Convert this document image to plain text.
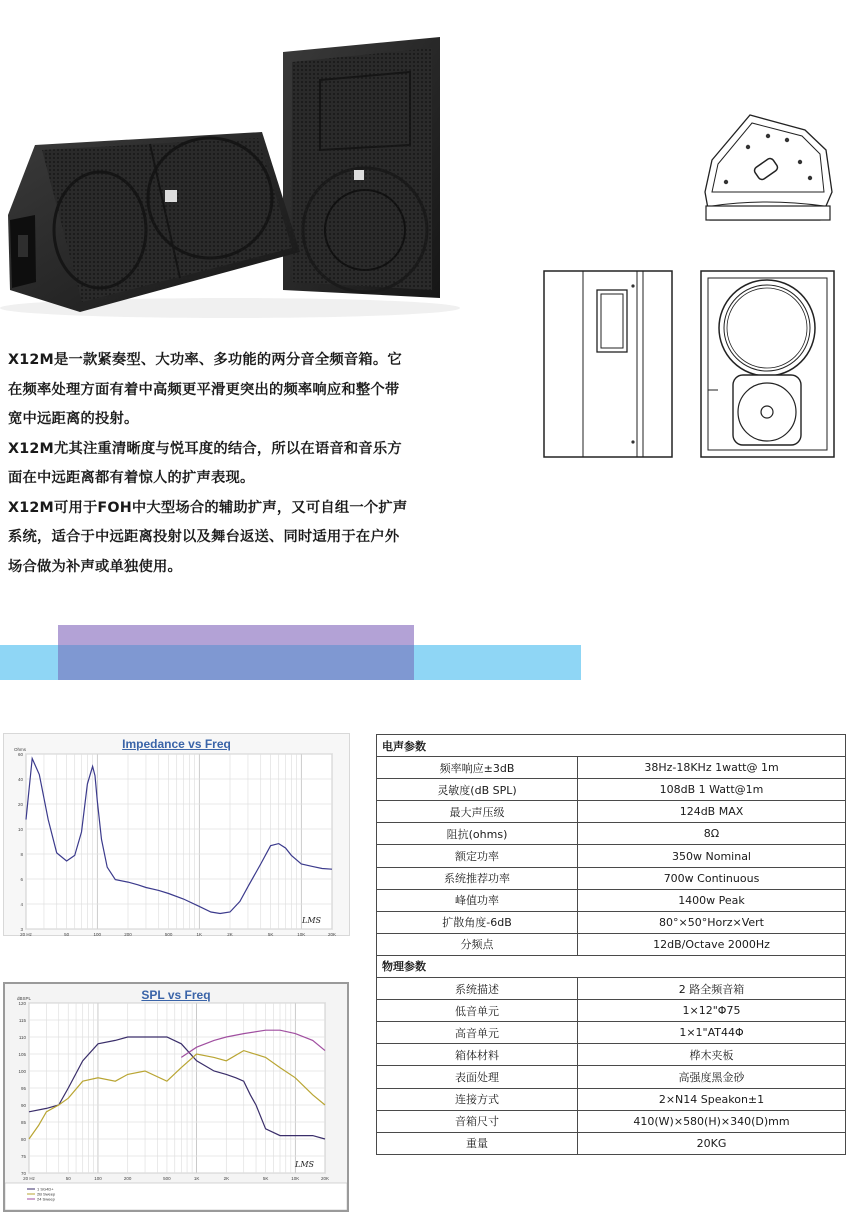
X12M是一款紧奏型、大功率、多功能的两分音全频音箱。它

在频率处理方面有着中高频更平滑更突出的频率响应和整个带

宽中远距离的投射。

X12M尤其注重清晰度与悦耳度的结合，所以在语音和音乐方

面在中远距离都有着惊人的扩声表现。

X12M可用于FOH中大型场合的辅助扩声，又可自组一个扩声

系统，适合于中远距离投射以及舞台返送、同时适用于在户外

场合做为补声或单独使用。

Impedance vs Freq
60
40
20
10
8
6
4
3
20 Hz	50	100	200	500	1K	2K	5K	10K	20K
Ohms
LMS
SPL vs Freq
120
115
110
105
100
95
90
85
80
75
70
20 Hz	50	100	200	500	1K	2K	5K	10K	20K
dBSPL
LMS
1 SG4D+
2B Sweep
24 Sweep
电声参数	
频率响应±3dB	38Hz-18KHz 1watt@ 1m
灵敏度(dB SPL)	108dB 1 Watt@1m
最大声压级	124dB MAX
阻抗(ohms)	8Ω
额定功率	350w Nominal
系统推荐功率	700w Continuous
峰值功率	1400w Peak
扩散角度-6dB	80°×50°Horz×Vert
分频点	12dB/Octave 2000Hz
物理参数	
系统描述	2 路全频音箱
低音单元	1×12"Φ75
高音单元	1×1"AT44Φ
箱体材料	桦木夹板
表面处理	高强度黑金砂
连接方式	2×N14 Speakon±1
音箱尺寸	410(W)×580(H)×340(D)mm
重量	20KG
